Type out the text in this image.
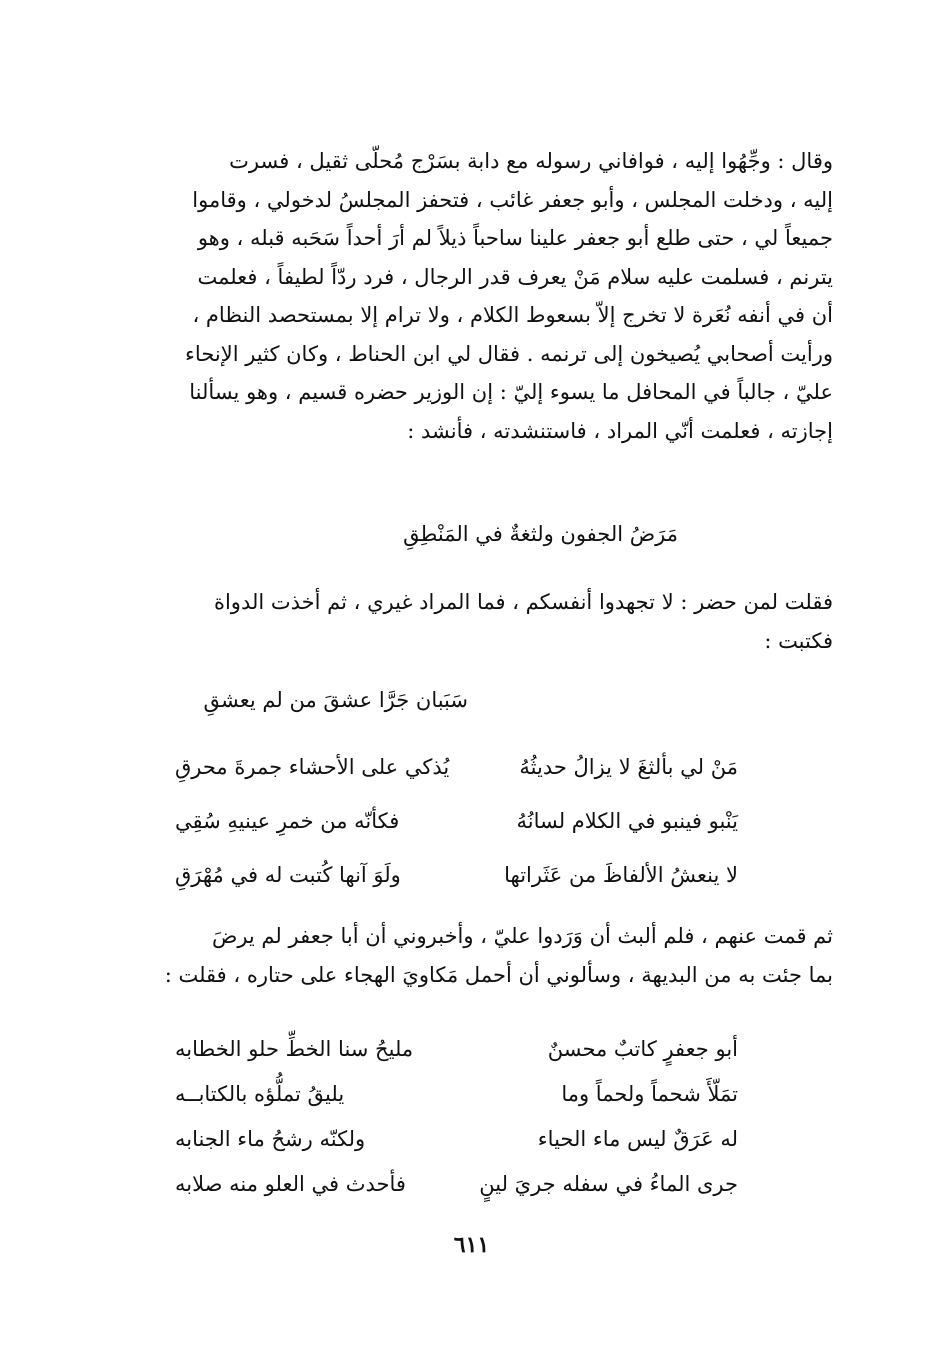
وقال : وجِّهُوا إليه ، فوافاني رسوله مع دابة بسَرْج مُحلّى ثقيل ، فسرت
إليه ، ودخلت المجلس ، وأبو جعفر غائب ، فتحفز المجلسُ لدخولي ، وقاموا
جميعاً لي ، حتى طلع أبو جعفر علينا ساحباً ذيلاً لم أرَ أحداً سَحَبه قبله ، وهو
يترنم ، فسلمت عليه سلام مَنْ يعرف قدر الرجال ، فرد ردّاً لطيفاً ، فعلمت
أن في أنفه نُعَرة لا تخرج إلاّ بسعوط الكلام ، ولا ترام إلا بمستحصد النظام ،
ورأيت أصحابي يُصيخون إلى ترنمه . فقال لي ابن الحناط ، وكان كثير الإنحاء
عليّ ، جالباً في المحافل ما يسوء إليّ : إن الوزير حضره قسيم ، وهو يسألنا
إجازته ، فعلمت أنّي المراد ، فاستنشدته ، فأنشد :
مَرَضُ الجفون ولثغةٌ في المَنْطِقِ
فقلت لمن حضر : لا تجهدوا أنفسكم ، فما المراد غيري ، ثم أخذت الدواة
فكتبت :
سَبَبان جَرَّا عشقَ من لم يعشقِ
مَنْ لي بألثغَ لا يزالُ حديثُهُ
يُذكي على الأحشاء جمرةَ محرقِ
يَنْبو فينبو في الكلام لسانُهُ
فكأنّه من خمرِ عينيهِ سُقِي
لا ينعشُ الألفاظَ من عَثَراتها
ولَوَ آنها كُتبت له في مُهْرَقِ
ثم قمت عنهم ، فلم ألبث أن وَرَدوا عليّ ، وأخبروني أن أبا جعفر لم يرضَ
بما جئت به من البديهة ، وسألوني أن أحمل مَكاويَ الهجاء على حتاره ، فقلت :
أبو جعفرٍ كاتبٌ محسنٌ
مليحُ سنا الخطِّ حلو الخطابه
تمَلّأَ شحماً ولحماً وما
يليقُ تملُّؤه بالكتابــه
له عَرَقٌ ليس ماء الحياء
ولكنّه رشحُ ماء الجنابه
جرى الماءُ في سفله جريَ لينٍ
فأحدث في العلو منه صلابه
٦١١
